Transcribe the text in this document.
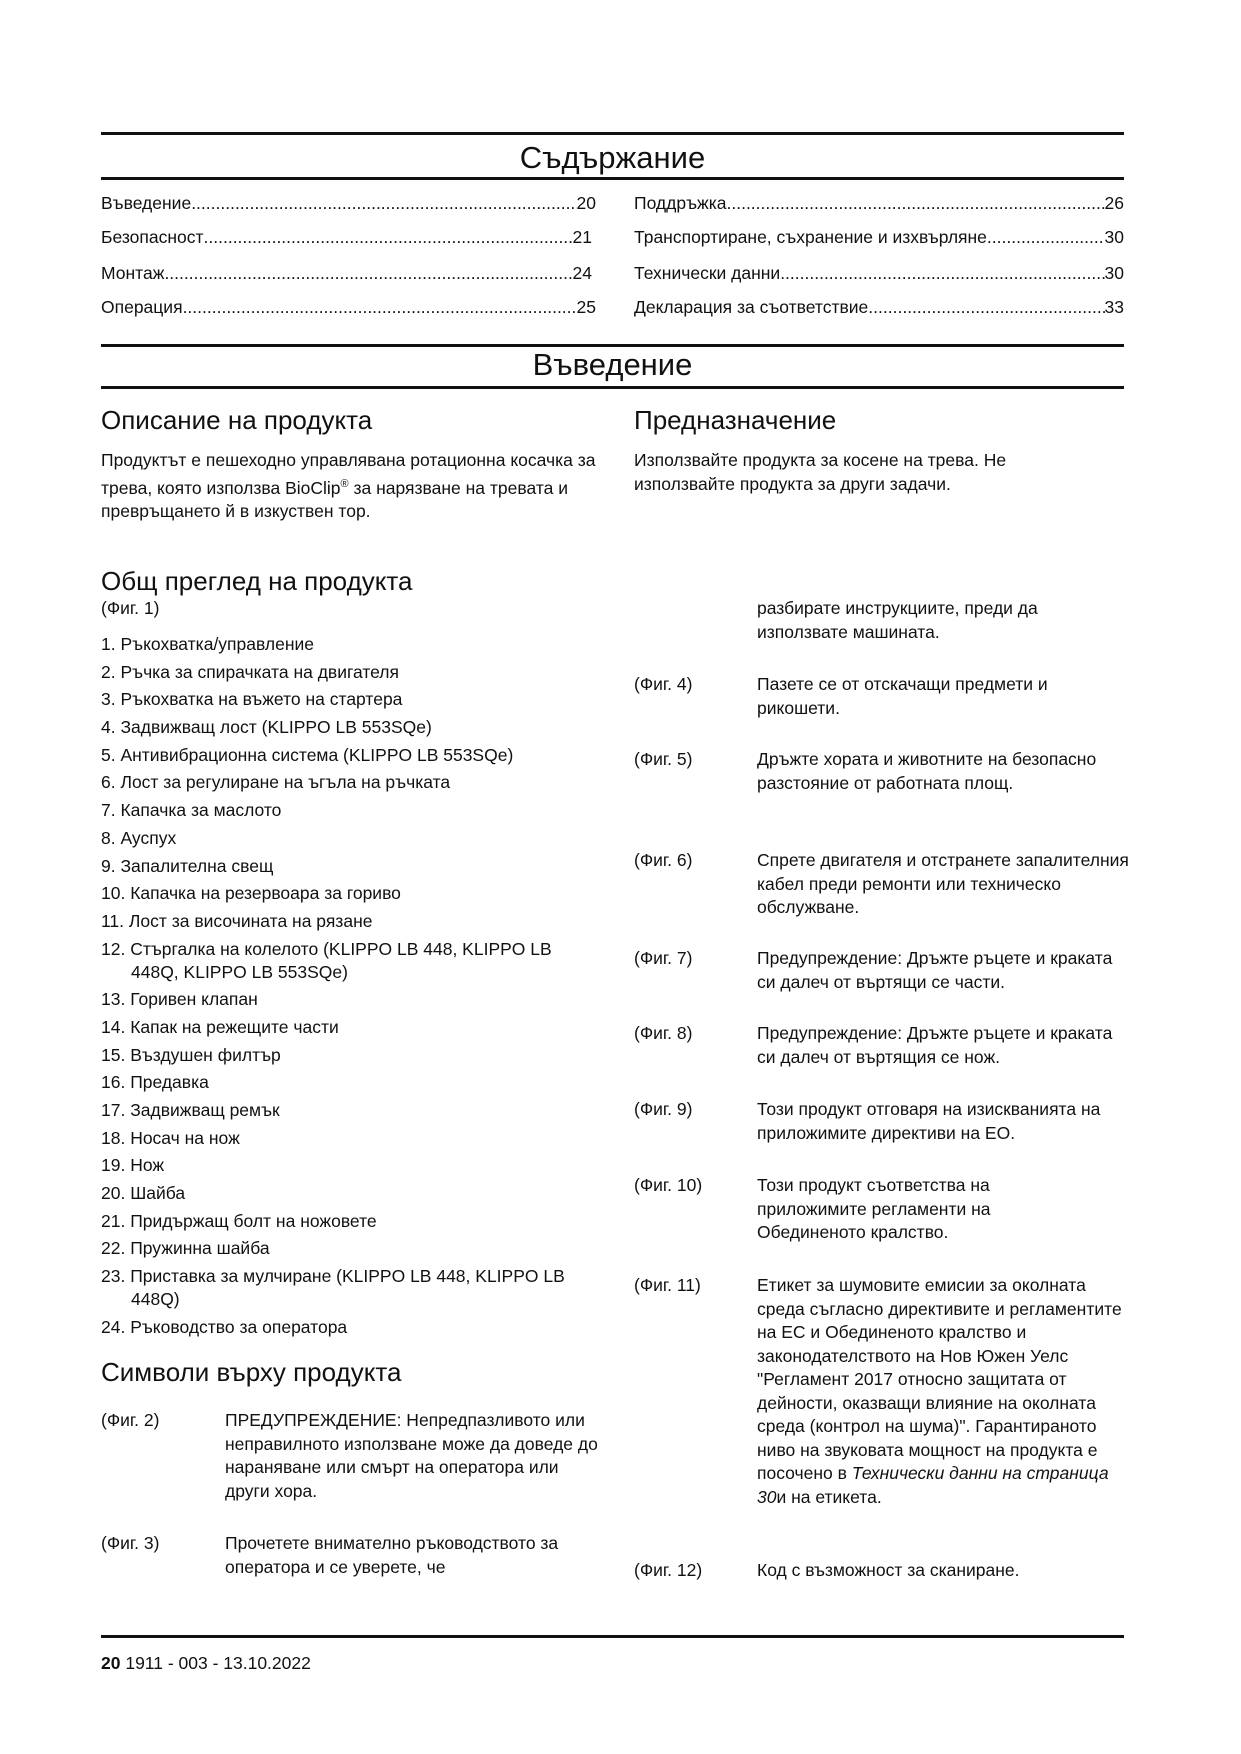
Съдържание
Въведение .....	20
Безопасност .....	21
Монтаж .....	24
Операция .....	25
Поддръжка .....	26
Транспортиране, съхранение и изхвърляне .....	30
Технически данни .....	30
Декларация за съответствие .....	33
Въведение
Описание на продукта
Продуктът е пешеходно управлявана ротационна косачка за трева, която използва BioClip® за нарязване на тревата и превръщането й в изкуствен тор.
Предназначение
Използвайте продукта за косене на трева. Не използвайте продукта за други задачи.
Общ преглед на продукта
(Фиг. 1)
1. Ръкохватка/управление
2. Ръчка за спирачката на двигателя
3. Ръкохватка на въжето на стартера
4. Задвижващ лост (KLIPPO LB 553SQe)
5. Антивибрационна система (KLIPPO LB 553SQe)
6. Лост за регулиране на ъгъла на ръчката
7. Капачка за маслото
8. Ауспух
9. Запалителна свещ
10. Капачка на резервоара за гориво
11. Лост за височината на рязане
12. Стъргалка на колелото (KLIPPO LB 448, KLIPPO LB 448Q, KLIPPO LB 553SQe)
13. Горивен клапан
14. Капак на режещите части
15. Въздушен филтър
16. Предавка
17. Задвижващ ремък
18. Носач на нож
19. Нож
20. Шайба
21. Придържащ болт на ножовете
22. Пружинна шайба
23. Приставка за мулчиране (KLIPPO LB 448, KLIPPO LB 448Q)
24. Ръководство за оператора
Символи върху продукта
(Фиг. 2)	ПРЕДУПРЕЖДЕНИЕ: Непредпазливото или неправилното използване може да доведе до нараняване или смърт на оператора или други хора.
(Фиг. 3)	Прочетете внимателно ръководството за оператора и се уверете, че
разбирате инструкциите, преди да използвате машината.
(Фиг. 4)	Пазете се от отскачащи предмети и рикошети.
(Фиг. 5)	Дръжте хората и животните на безопасно разстояние от работната площ.
(Фиг. 6)	Спрете двигателя и отстранете запалителния кабел преди ремонти или техническо обслужване.
(Фиг. 7)	Предупреждение: Дръжте ръцете и краката си далеч от въртящи се части.
(Фиг. 8)	Предупреждение: Дръжте ръцете и краката си далеч от въртящия се нож.
(Фиг. 9)	Този продукт отговаря на изискванията на приложимите директиви на ЕО.
(Фиг. 10)	Този продукт съответства на приложимите регламенти на Обединеното кралство.
(Фиг. 11)	Етикет за шумовите емисии за околната среда съгласно директивите и регламентите на ЕС и Обединеното кралство и законодателството на Нов Южен Уелс "Регламент 2017 относно защитата от дейности, оказващи влияние на околната среда (контрол на шума)". Гарантираното ниво на звуковата мощност на продукта е посочено в Технически данни на страница 30и на етикета.
(Фиг. 12)	Код с възможност за сканиране.
20 1911 - 003 - 13.10.2022
